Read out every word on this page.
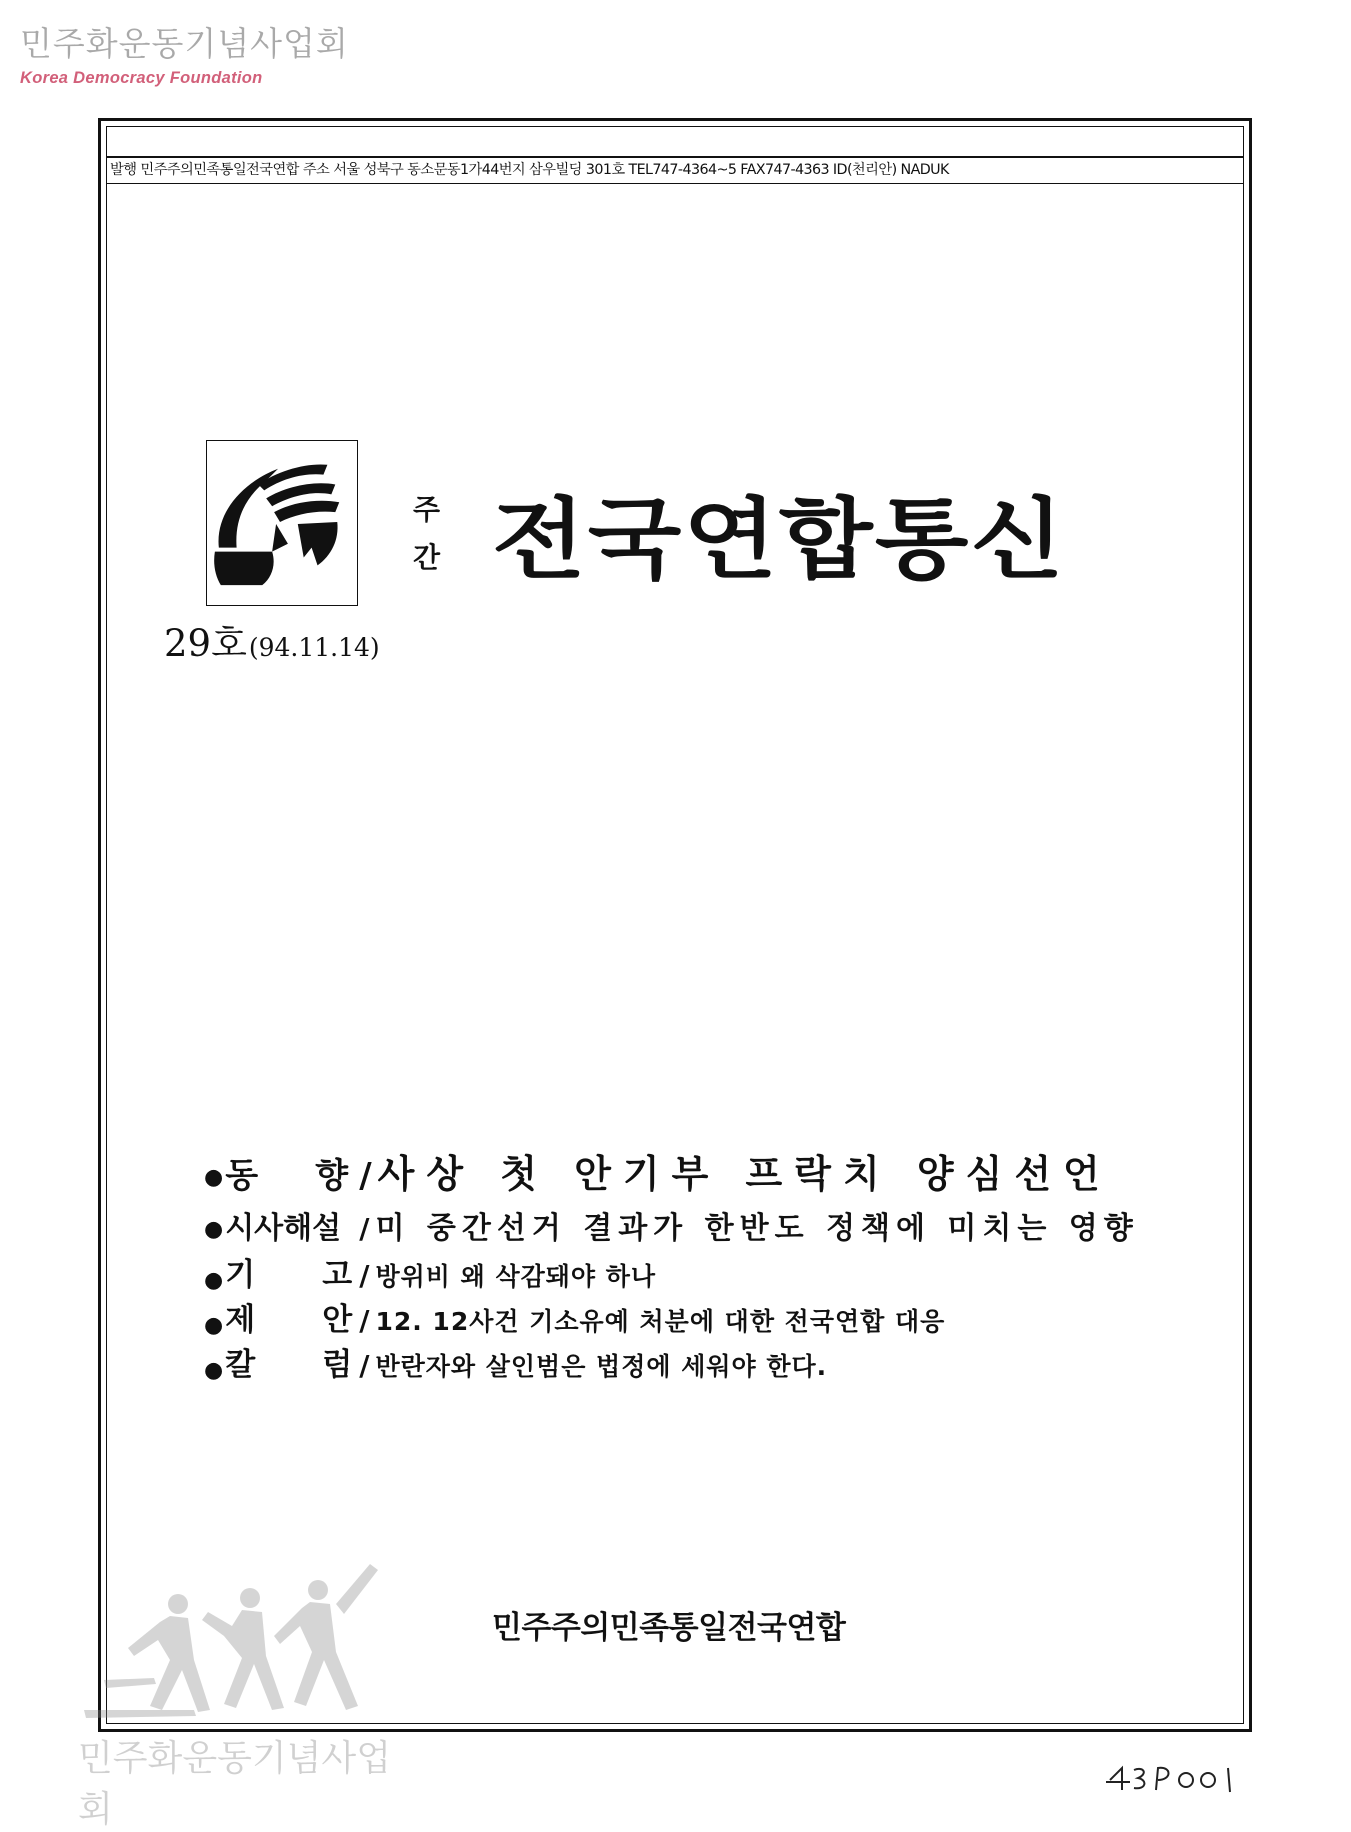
민주화운동기념사업회
Korea Democracy Foundation
발행 민주주의민족통일전국연합 주소 서울 성북구 동소문동1가44번지 삼우빌딩 301호 TEL747-4364~5 FAX747-4363 ID(천리안) NADUK
주
간 전국연합통신
29호(94.11.14)
●동 향 / 사상 첫 안기부 프락치 양심선언
●시사해설 / 미 중간선거 결과가 한반도 정책에 미치는 영향
●기 고 / 방위비 왜 삭감돼야 하나
●제 안 / 12. 12사건 기소유예 처분에 대한 전국연합 대응
●칼 럼 / 반란자와 살인범은 법정에 세워야 한다.
민주주의민족통일전국연합
민주화운동기념사업회
